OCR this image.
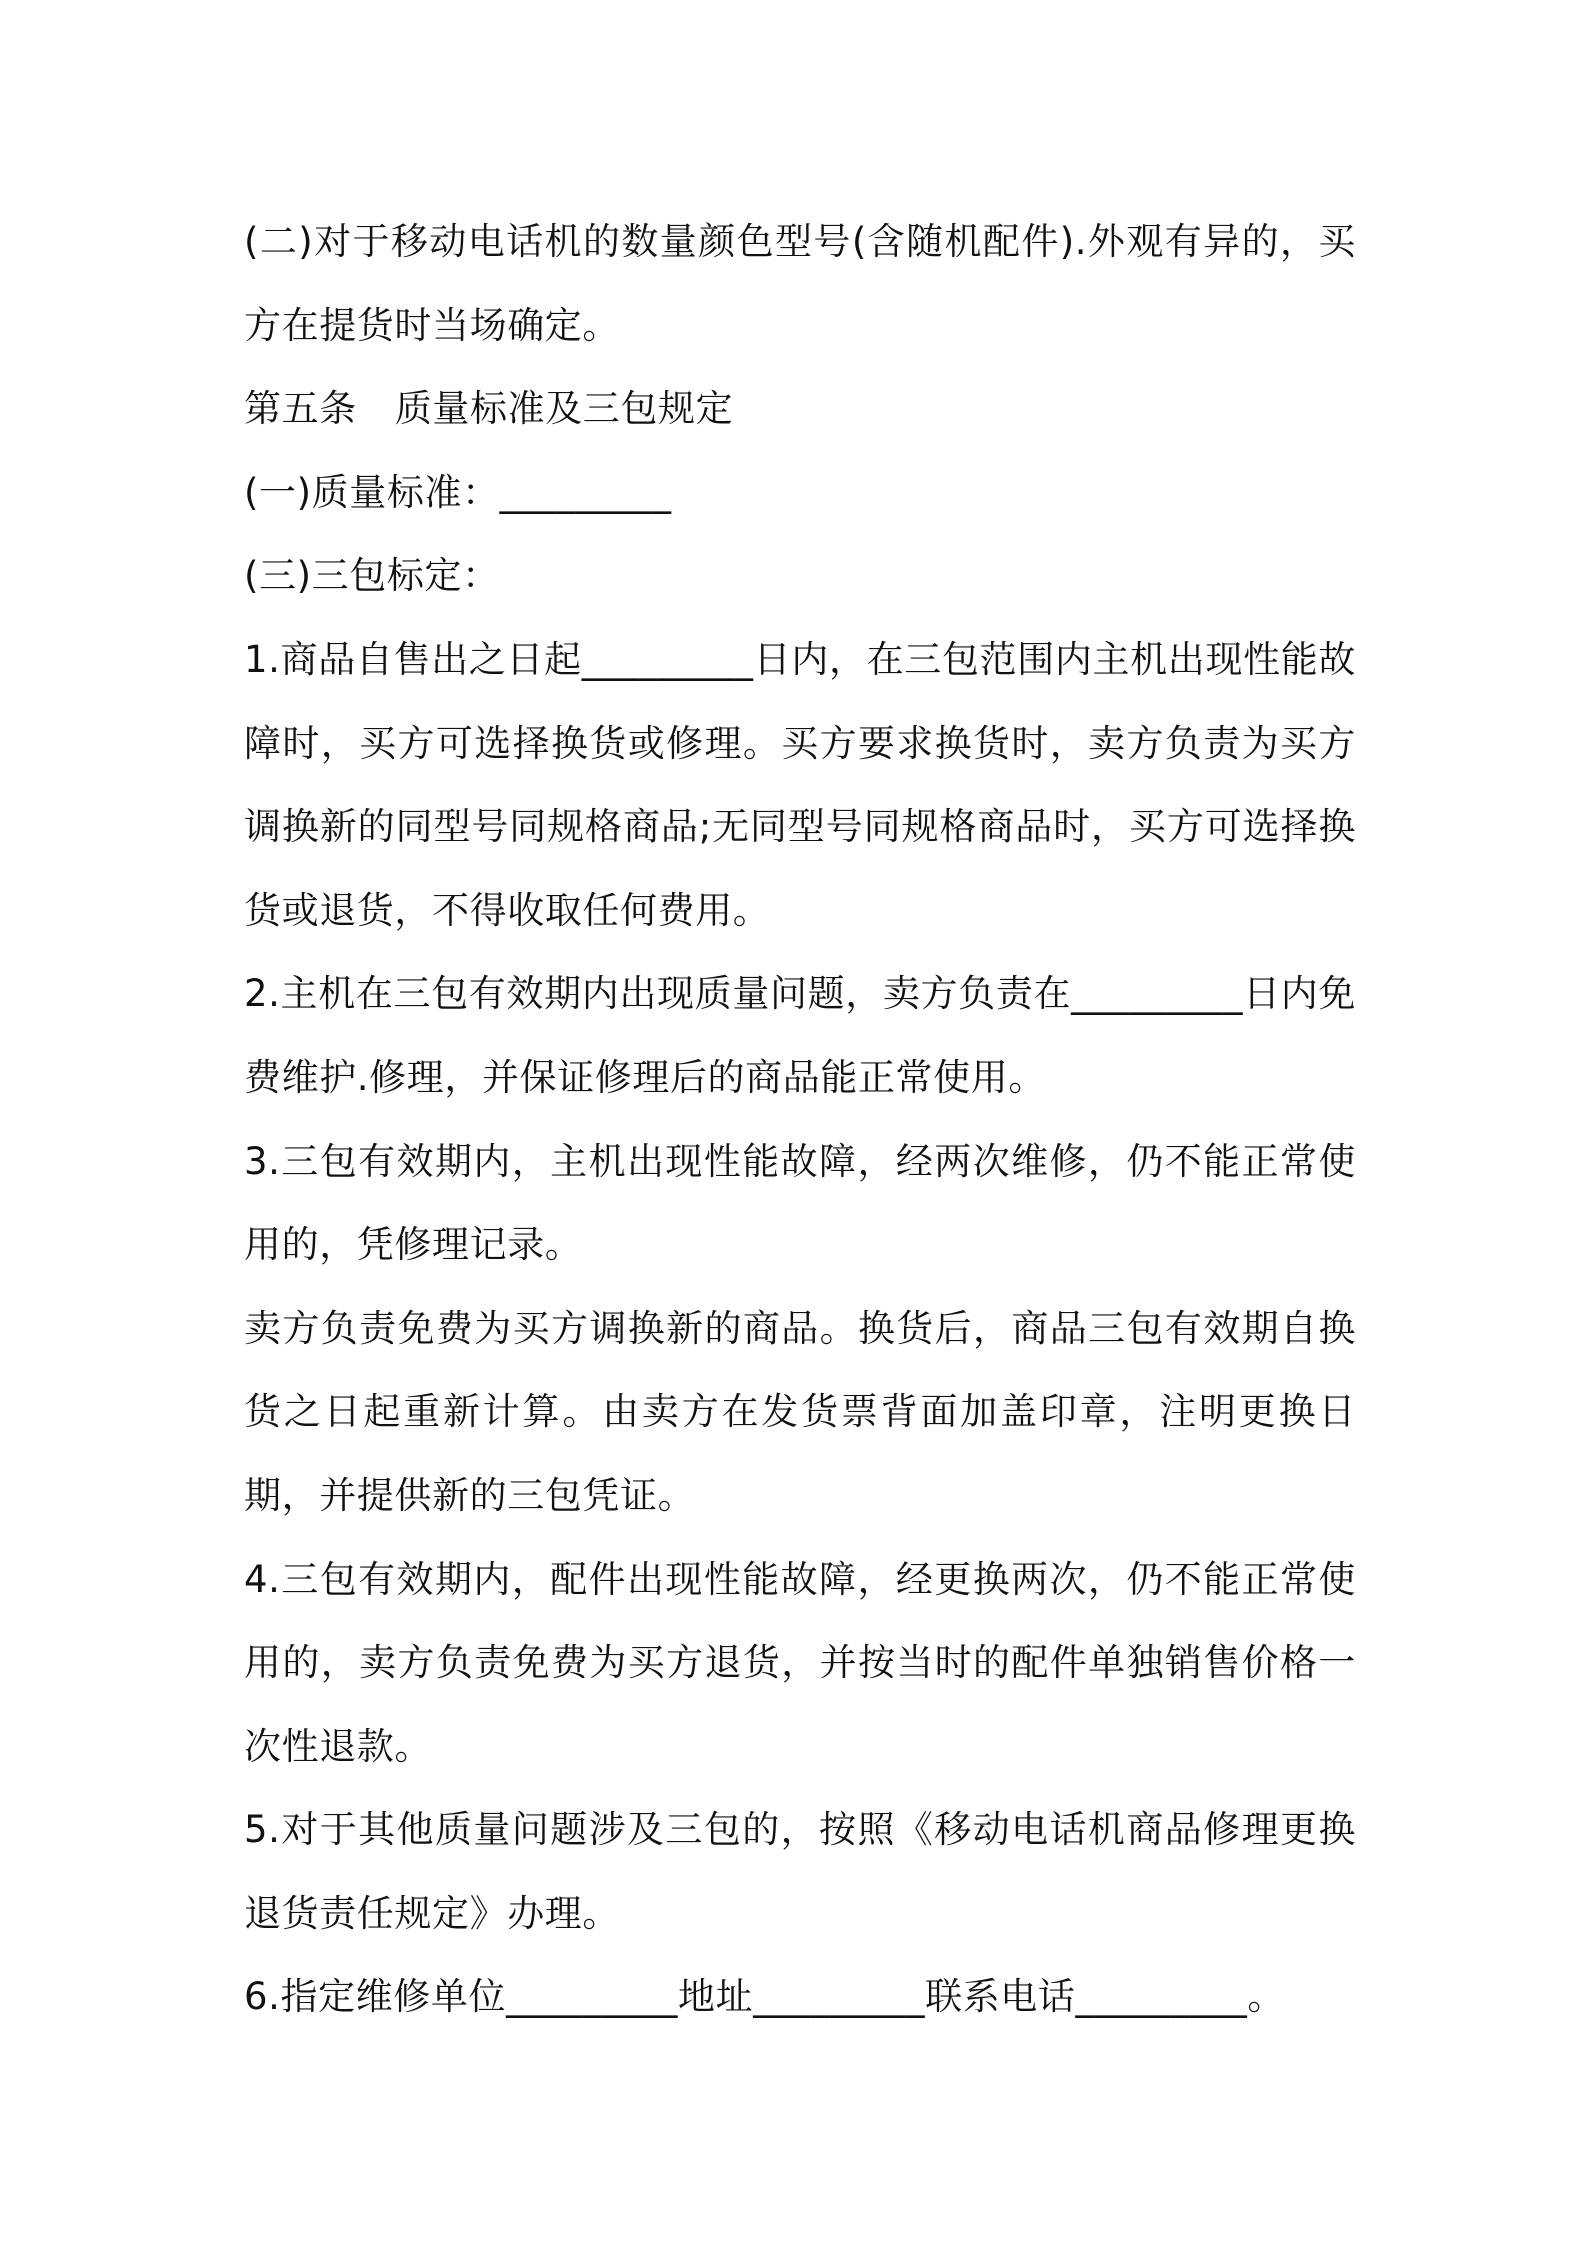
(二)对于移动电话机的数量颜色型号(含随机配件).外观有异的，买方在提货时当场确定。

第五条 质量标准及三包规定

(一)质量标准：_________

(三)三包标定：

1.商品自售出之日起_________日内，在三包范围内主机出现性能故障时，买方可选择换货或修理。买方要求换货时，卖方负责为买方调换新的同型号同规格商品;无同型号同规格商品时，买方可选择换货或退货，不得收取任何费用。

2.主机在三包有效期内出现质量问题，卖方负责在_________日内免费维护.修理，并保证修理后的商品能正常使用。

3.三包有效期内，主机出现性能故障，经两次维修，仍不能正常使用的，凭修理记录。

卖方负责免费为买方调换新的商品。换货后，商品三包有效期自换货之日起重新计算。由卖方在发货票背面加盖印章，注明更换日期，并提供新的三包凭证。

4.三包有效期内，配件出现性能故障，经更换两次，仍不能正常使用的，卖方负责免费为买方退货，并按当时的配件单独销售价格一次性退款。

5.对于其他质量问题涉及三包的，按照《移动电话机商品修理更换退货责任规定》办理。

6.指定维修单位_________地址_________联系电话_________。
